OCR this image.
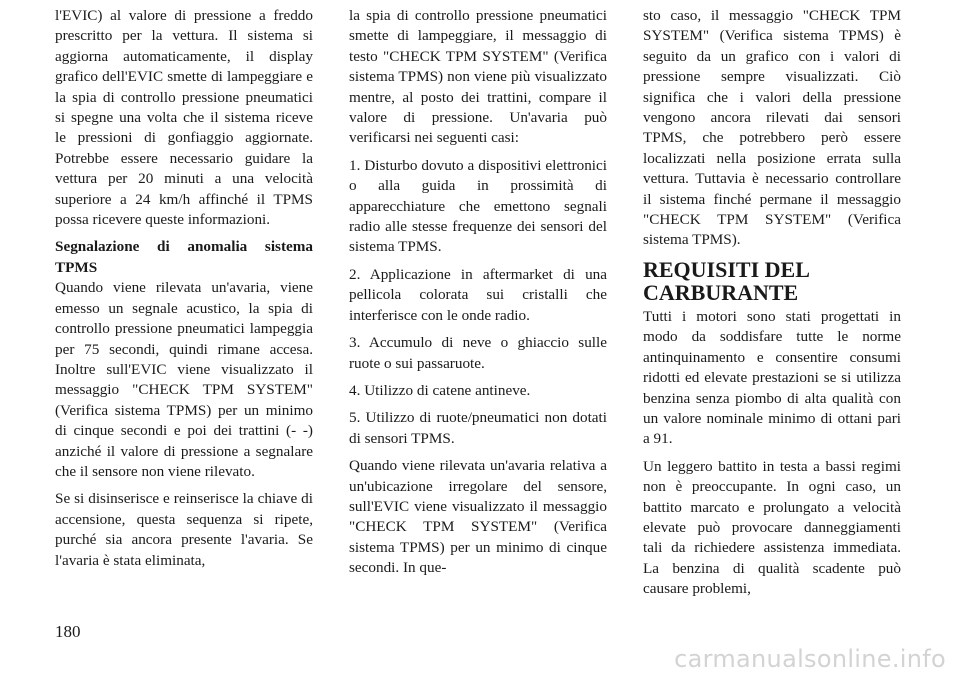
l'EVIC) al valore di pressione a freddo prescritto per la vettura. Il sistema si aggiorna automaticamente, il display grafico dell'EVIC smette di lampeggiare e la spia di controllo pressione pneumatici si spegne una volta che il sistema riceve le pressioni di gonfiaggio aggiornate. Potrebbe essere necessario guidare la vettura per 20 minuti a una velocità superiore a 24 km/h affinché il TPMS possa ricevere queste informazioni.

Segnalazione di anomalia sistema TPMS

Quando viene rilevata un'avaria, viene emesso un segnale acustico, la spia di controllo pressione pneumatici lampeggia per 75 secondi, quindi rimane accesa. Inoltre sull'EVIC viene visualizzato il messaggio "CHECK TPM SYSTEM" (Verifica sistema TPMS) per un minimo di cinque secondi e poi dei trattini (- -) anziché il valore di pressione a segnalare che il sensore non viene rilevato.

Se si disinserisce e reinserisce la chiave di accensione, questa sequenza si ripete, purché sia ancora presente l'avaria. Se l'avaria è stata eliminata,

la spia di controllo pressione pneumatici smette di lampeggiare, il messaggio di testo "CHECK TPM SYSTEM" (Verifica sistema TPMS) non viene più visualizzato mentre, al posto dei trattini, compare il valore di pressione. Un'avaria può verificarsi nei seguenti casi:

1. Disturbo dovuto a dispositivi elettronici o alla guida in prossimità di apparecchiature che emettono segnali radio alle stesse frequenze dei sensori del sistema TPMS.

2. Applicazione in aftermarket di una pellicola colorata sui cristalli che interferisce con le onde radio.

3. Accumulo di neve o ghiaccio sulle ruote o sui passaruote.

4. Utilizzo di catene antineve.

5. Utilizzo di ruote/pneumatici non dotati di sensori TPMS.

Quando viene rilevata un'avaria relativa a un'ubicazione irregolare del sensore, sull'EVIC viene visualizzato il messaggio "CHECK TPM SYSTEM" (Verifica sistema TPMS) per un minimo di cinque secondi. In que-

sto caso, il messaggio "CHECK TPM SYSTEM" (Verifica sistema TPMS) è seguito da un grafico con i valori di pressione sempre visualizzati. Ciò significa che i valori della pressione vengono ancora rilevati dai sensori TPMS, che potrebbero però essere localizzati nella posizione errata sulla vettura. Tuttavia è necessario controllare il sistema finché permane il messaggio "CHECK TPM SYSTEM" (Verifica sistema TPMS).

REQUISITI DEL CARBURANTE

Tutti i motori sono stati progettati in modo da soddisfare tutte le norme antinquinamento e consentire consumi ridotti ed elevate prestazioni se si utilizza benzina senza piombo di alta qualità con un valore nominale minimo di ottani pari a 91.

Un leggero battito in testa a bassi regimi non è preoccupante. In ogni caso, un battito marcato e prolungato a velocità elevate può provocare danneggiamenti tali da richiedere assistenza immediata. La benzina di qualità scadente può causare problemi,

180
carmanualsonline.info
